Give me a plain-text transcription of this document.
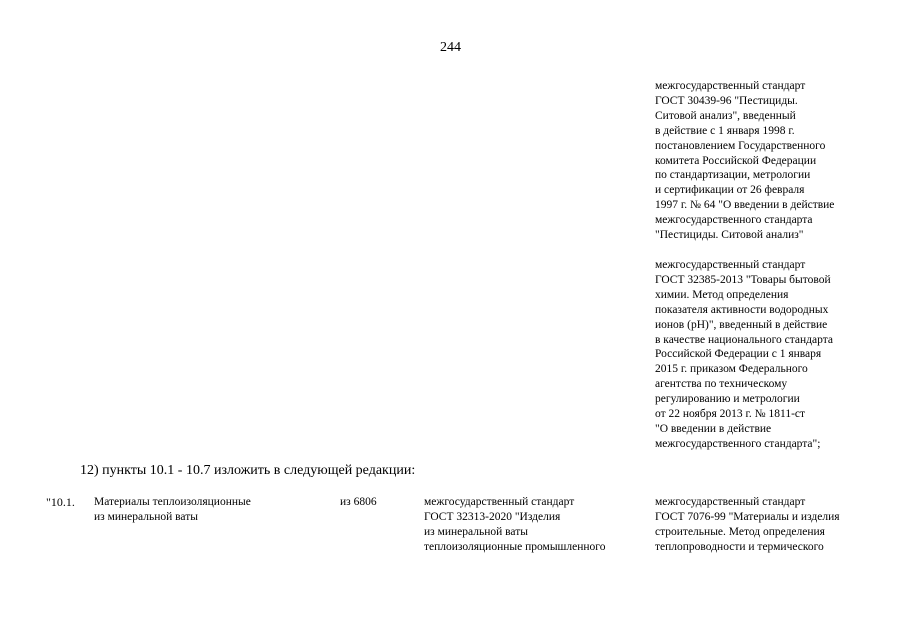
244
межгосударственный стандарт
ГОСТ 30439-96 "Пестициды.
Ситовой анализ", введенный
в действие с 1 января 1998 г.
постановлением Государственного
комитета Российской Федерации
по стандартизации, метрологии
и сертификации от 26 февраля
1997 г. № 64 "О введении в действие
межгосударственного стандарта
"Пестициды. Ситовой анализ"
межгосударственный стандарт
ГОСТ 32385-2013 "Товары бытовой
химии. Метод определения
показателя активности водородных
ионов (pH)", введенный в действие
в качестве национального стандарта
Российской Федерации с 1 января
2015 г. приказом Федерального
агентства по техническому
регулированию и метрологии
от 22 ноября 2013 г. № 1811-ст
"О введении в действие
межгосударственного стандарта";
12) пункты 10.1 - 10.7 изложить в следующей редакции:
"10.1. Материалы теплоизоляционные
из минеральной ваты
из 6806	межгосударственный стандарт
ГОСТ 32313-2020 "Изделия
из минеральной ваты
теплоизоляционные промышленного
межгосударственный стандарт
ГОСТ 7076-99 "Материалы и изделия
строительные. Метод определения
теплопроводности и термического
